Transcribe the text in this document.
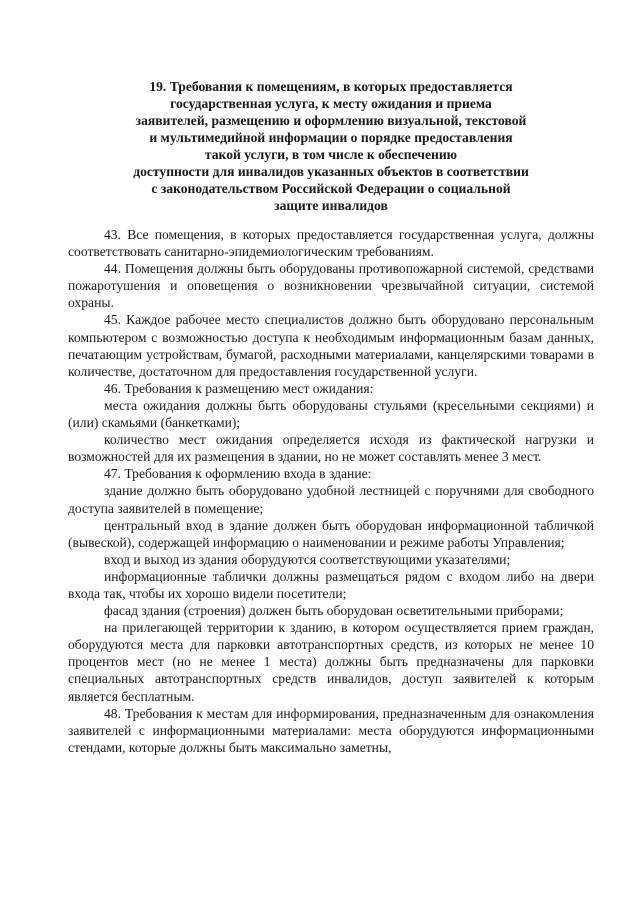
19. Требования к помещениям, в которых предоставляется
государственная услуга, к месту ожидания и приема
заявителей, размещению и оформлению визуальной, текстовой
и мультимедийной информации о порядке предоставления
такой услуги, в том числе к обеспечению
доступности для инвалидов указанных объектов в соответствии
с законодательством Российской Федерации о социальной
защите инвалидов

43. Все помещения, в которых предоставляется государственная услуга, должны соответствовать санитарно-эпидемиологическим требованиям.

44. Помещения должны быть оборудованы противопожарной системой, средствами пожаротушения и оповещения о возникновении чрезвычайной ситуации, системой охраны.

45. Каждое рабочее место специалистов должно быть оборудовано персональным компьютером с возможностью доступа к необходимым информационным базам данных, печатающим устройствам, бумагой, расходными материалами, канцелярскими товарами в количестве, достаточном для предоставления государственной услуги.

46. Требования к размещению мест ожидания:

места ожидания должны быть оборудованы стульями (кресельными секциями) и (или) скамьями (банкетками);

количество мест ожидания определяется исходя из фактической нагрузки и возможностей для их размещения в здании, но не может составлять менее 3 мест.

47. Требования к оформлению входа в здание:

здание должно быть оборудовано удобной лестницей с поручнями для свободного доступа заявителей в помещение;

центральный вход в здание должен быть оборудован информационной табличкой (вывеской), содержащей информацию о наименовании и режиме работы Управления;

вход и выход из здания оборудуются соответствующими указателями;

информационные таблички должны размещаться рядом с входом либо на двери входа так, чтобы их хорошо видели посетители;

фасад здания (строения) должен быть оборудован осветительными приборами;

на прилегающей территории к зданию, в котором осуществляется прием граждан, оборудуются места для парковки автотранспортных средств, из которых не менее 10 процентов мест (но не менее 1 места) должны быть предназначены для парковки специальных автотранспортных средств инвалидов, доступ заявителей к которым является бесплатным.

48. Требования к местам для информирования, предназначенным для ознакомления заявителей с информационными материалами: места оборудуются информационными стендами, которые должны быть максимально заметны,
